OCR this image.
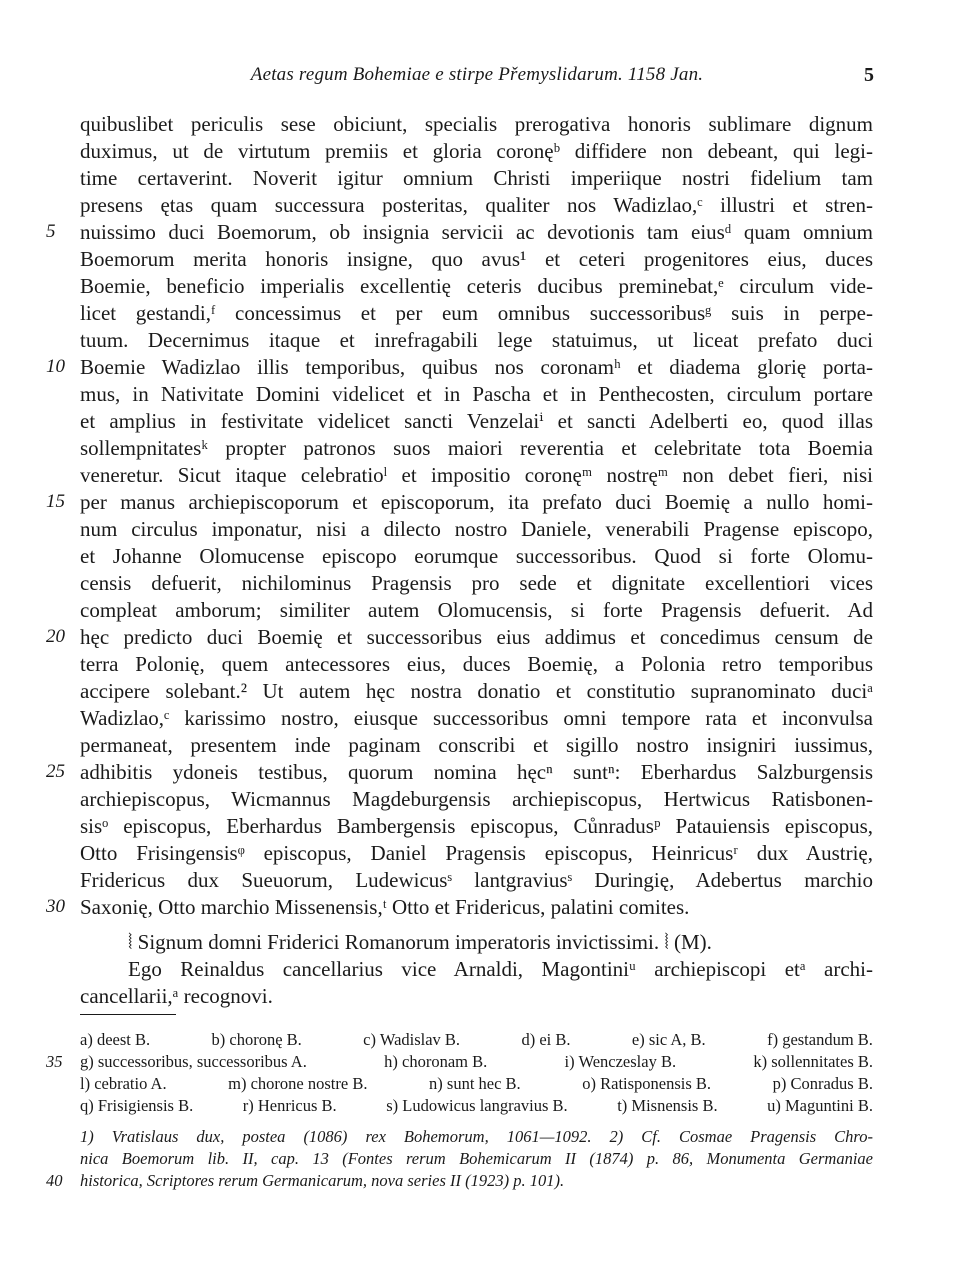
Aetas regum Bohemiae e stirpe Přemyslidarum. 1158 Jan.	5
quibuslibet periculis sese obiciunt, specialis prerogativa honoris sublimare dignum
duximus, ut de virtutum premiis et gloria coronęᵇ diffidere non debeant, qui legi-
time certaverint. Noverit igitur omnium Christi imperiique nostri fidelium tam
presens ętas quam successura posteritas, qualiter nos Wadizlao,ᶜ illustri et stren-
nuissimo duci Boemorum, ob insignia servicii ac devotionis tam eiusᵈ quam omnium
Boemorum merita honoris insigne, quo avus¹ et ceteri progenitores eius, duces
Boemie, beneficio imperialis excellentię ceteris ducibus preminebat,ᵉ circulum vide-
licet gestandi,ᶠ concessimus et per eum omnibus successoribusᵍ suis in perpe-
tuum. Decernimus itaque et inrefragabili lege statuimus, ut liceat prefato duci
Boemie Wadizlao illis temporibus, quibus nos coronamʰ et diadema glorię porta-
mus, in Nativitate Domini videlicet et in Pascha et in Penthecosten, circulum portare
et amplius in festivitate videlicet sancti Venzelaiⁱ et sancti Adelberti eo, quod illas
sollempnitatesᵏ propter patronos suos maiori reverentia et celebritate tota Boemia
veneretur. Sicut itaque celebratioˡ et impositio coronęᵐ nostręᵐ non debet fieri, nisi
per manus archiepiscoporum et episcoporum, ita prefato duci Boemię a nullo homi-
num circulus imponatur, nisi a dilecto nostro Daniele, venerabili Pragense episcopo,
et Johanne Olomucense episcopo eorumque successoribus. Quod si forte Olomu-
censis defuerit, nichilominus Pragensis pro sede et dignitate excellentiori vices
compleat amborum; similiter autem Olomucensis, si forte Pragensis defuerit. Ad
hęc predicto duci Boemię et successoribus eius addimus et concedimus censum de
terra Polonię, quem antecessores eius, duces Boemię, a Polonia retro temporibus
accipere solebant.² Ut autem hęc nostra donatio et constitutio supranominato duciᵃ
Wadizlao,ᶜ karissimo nostro, eiusque successoribus omni tempore rata et inconvulsa
permaneat, presentem inde paginam conscribi et sigillo nostro insigniri iussimus,
adhibitis ydoneis testibus, quorum nomina hęcⁿ suntⁿ: Eberhardus Salzburgensis
archiepiscopus, Wicmannus Magdeburgensis archiepiscopus, Hertwicus Ratisbonen-
sisᵒ episcopus, Eberhardus Bambergensis episcopus, Cůnradusᵖ Patauiensis episcopus,
Otto Frisingensisᵠ episcopus, Daniel Pragensis episcopus, Heinricusʳ dux Austrię,
Fridericus dux Sueuorum, Ludewicusˢ lantgraviusˢ Duringię, Adebertus marchio
Saxonię, Otto marchio Missenensis,ᵗ Otto et Fridericus, palatini comites.
⦚ Signum domni Friderici Romanorum imperatoris invictissimi. ⦚ (M).
Ego Reinaldus cancellarius vice Arnaldi, Magontiniᵘ archiepiscopi etᵃ archi-
cancellarii,ᵃ recognovi.
5
10
15
20
25
30
a) deest B.	b) choronę B.	c) Wadislav B.	d) ei B.	e) sic A, B.	f) gestandum B.
g) successoribus, successoribus A.	h) choronam B.	i) Wenczeslay B.	k) sollennitates B.
l) cebratio A.	m) chorone nostre B.	n) sunt hec B.	o) Ratisponensis B.	p) Conradus B.
q) Frisigiensis B.	r) Henricus B.	s) Ludowicus langravius B.	t) Misnensis B.	u) Maguntini B.
35
1) Vratislaus dux, postea (1086) rex Bohemorum, 1061—1092. 2) Cf. Cosmae Pragensis Chro-
nica Boemorum lib. II, cap. 13 (Fontes rerum Bohemicarum II (1874) p. 86, Monumenta Germaniae
historica, Scriptores rerum Germanicarum, nova series II (1923) p. 101).
40
